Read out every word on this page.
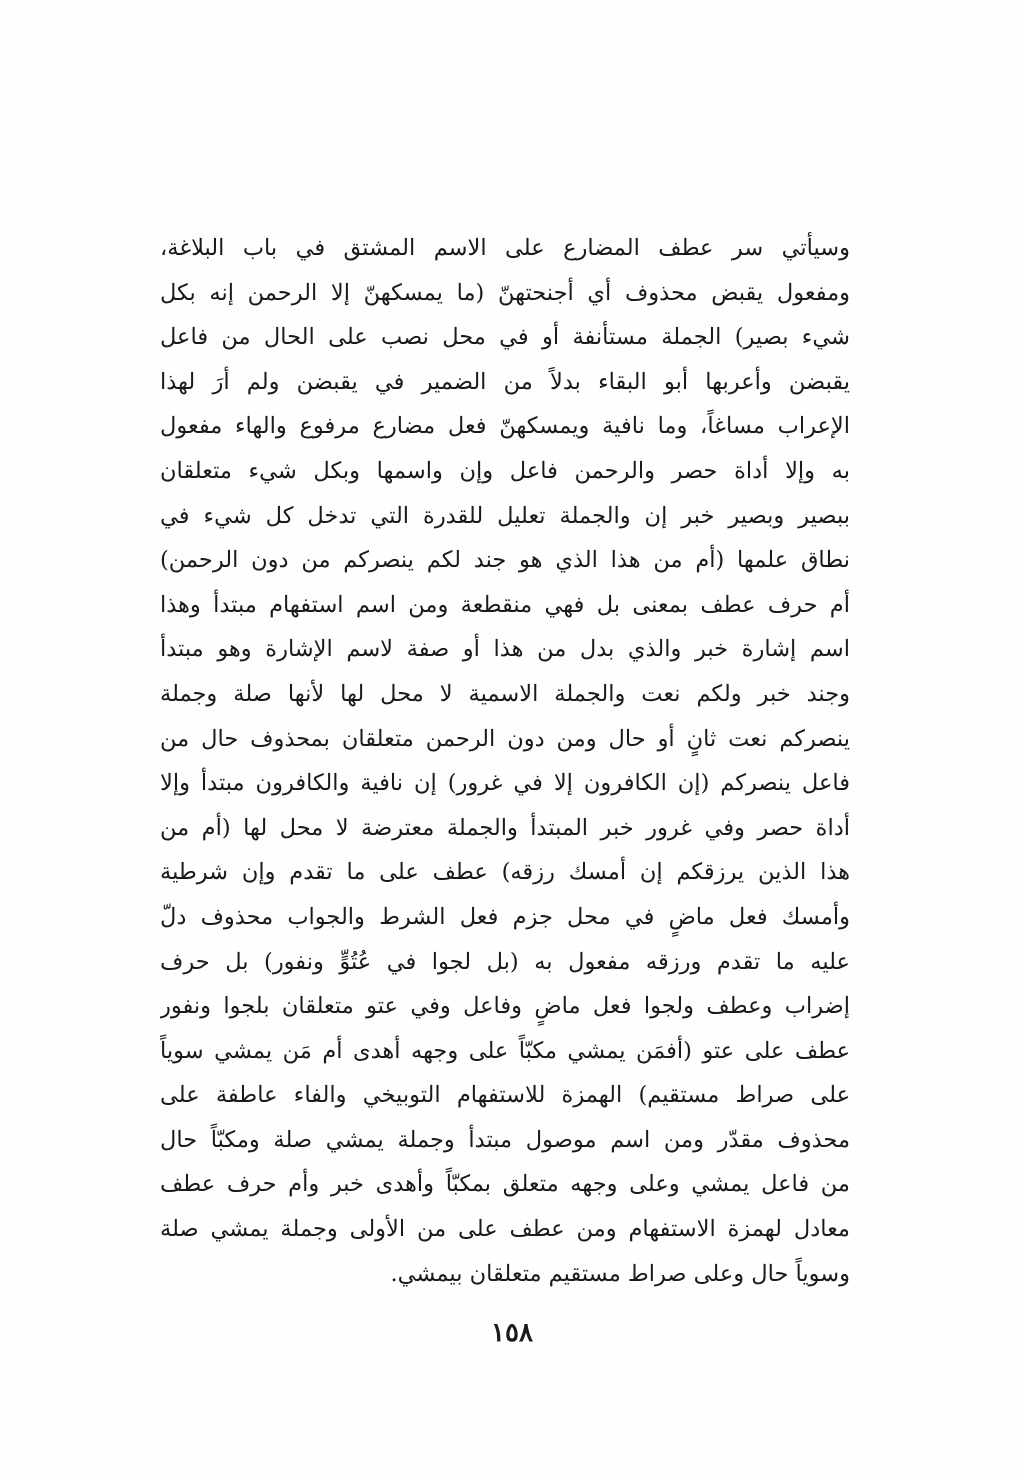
وسيأتي سر عطف المضارع على الاسم المشتق في باب البلاغة،
ومفعول يقبض محذوف أي أجنحتهنّ (ما يمسكهنّ إلا الرحمن إنه بكل
شيء بصير) الجملة مستأنفة أو في محل نصب على الحال من فاعل
يقبضن وأعربها أبو البقاء بدلاً من الضمير في يقبضن ولم أرَ لهذا
الإعراب مساغاً، وما نافية ويمسكهنّ فعل مضارع مرفوع والهاء مفعول
به وإلا أداة حصر والرحمن فاعل وإن واسمها وبكل شيء متعلقان
ببصير وبصير خبر إن والجملة تعليل للقدرة التي تدخل كل شيء في
نطاق علمها (أم من هذا الذي هو جند لكم ينصركم من دون الرحمن)
أم حرف عطف بمعنى بل فهي منقطعة ومن اسم استفهام مبتدأ وهذا
اسم إشارة خبر والذي بدل من هذا أو صفة لاسم الإشارة وهو مبتدأ
وجند خبر ولكم نعت والجملة الاسمية لا محل لها لأنها صلة وجملة
ينصركم نعت ثانٍ أو حال ومن دون الرحمن متعلقان بمحذوف حال من
فاعل ينصركم (إن الكافرون إلا في غرور) إن نافية والكافرون مبتدأ وإلا
أداة حصر وفي غرور خبر المبتدأ والجملة معترضة لا محل لها (أم من
هذا الذين يرزقكم إن أمسك رزقه) عطف على ما تقدم وإن شرطية
وأمسك فعل ماضٍ في محل جزم فعل الشرط والجواب محذوف دلّ
عليه ما تقدم ورزقه مفعول به (بل لجوا في عُتُوٍّ ونفور) بل حرف
إضراب وعطف ولجوا فعل ماضٍ وفاعل وفي عتو متعلقان بلجوا ونفور
عطف على عتو (أفمَن يمشي مكبّاً على وجهه أهدى أم مَن يمشي سوياً
على صراط مستقيم) الهمزة للاستفهام التوبيخي والفاء عاطفة على
محذوف مقدّر ومن اسم موصول مبتدأ وجملة يمشي صلة ومكبّاً حال
من فاعل يمشي وعلى وجهه متعلق بمكبّاً وأهدى خبر وأم حرف عطف
معادل لهمزة الاستفهام ومن عطف على من الأولى وجملة يمشي صلة
وسوياً حال وعلى صراط مستقيم متعلقان بيمشي.
١٥٨
